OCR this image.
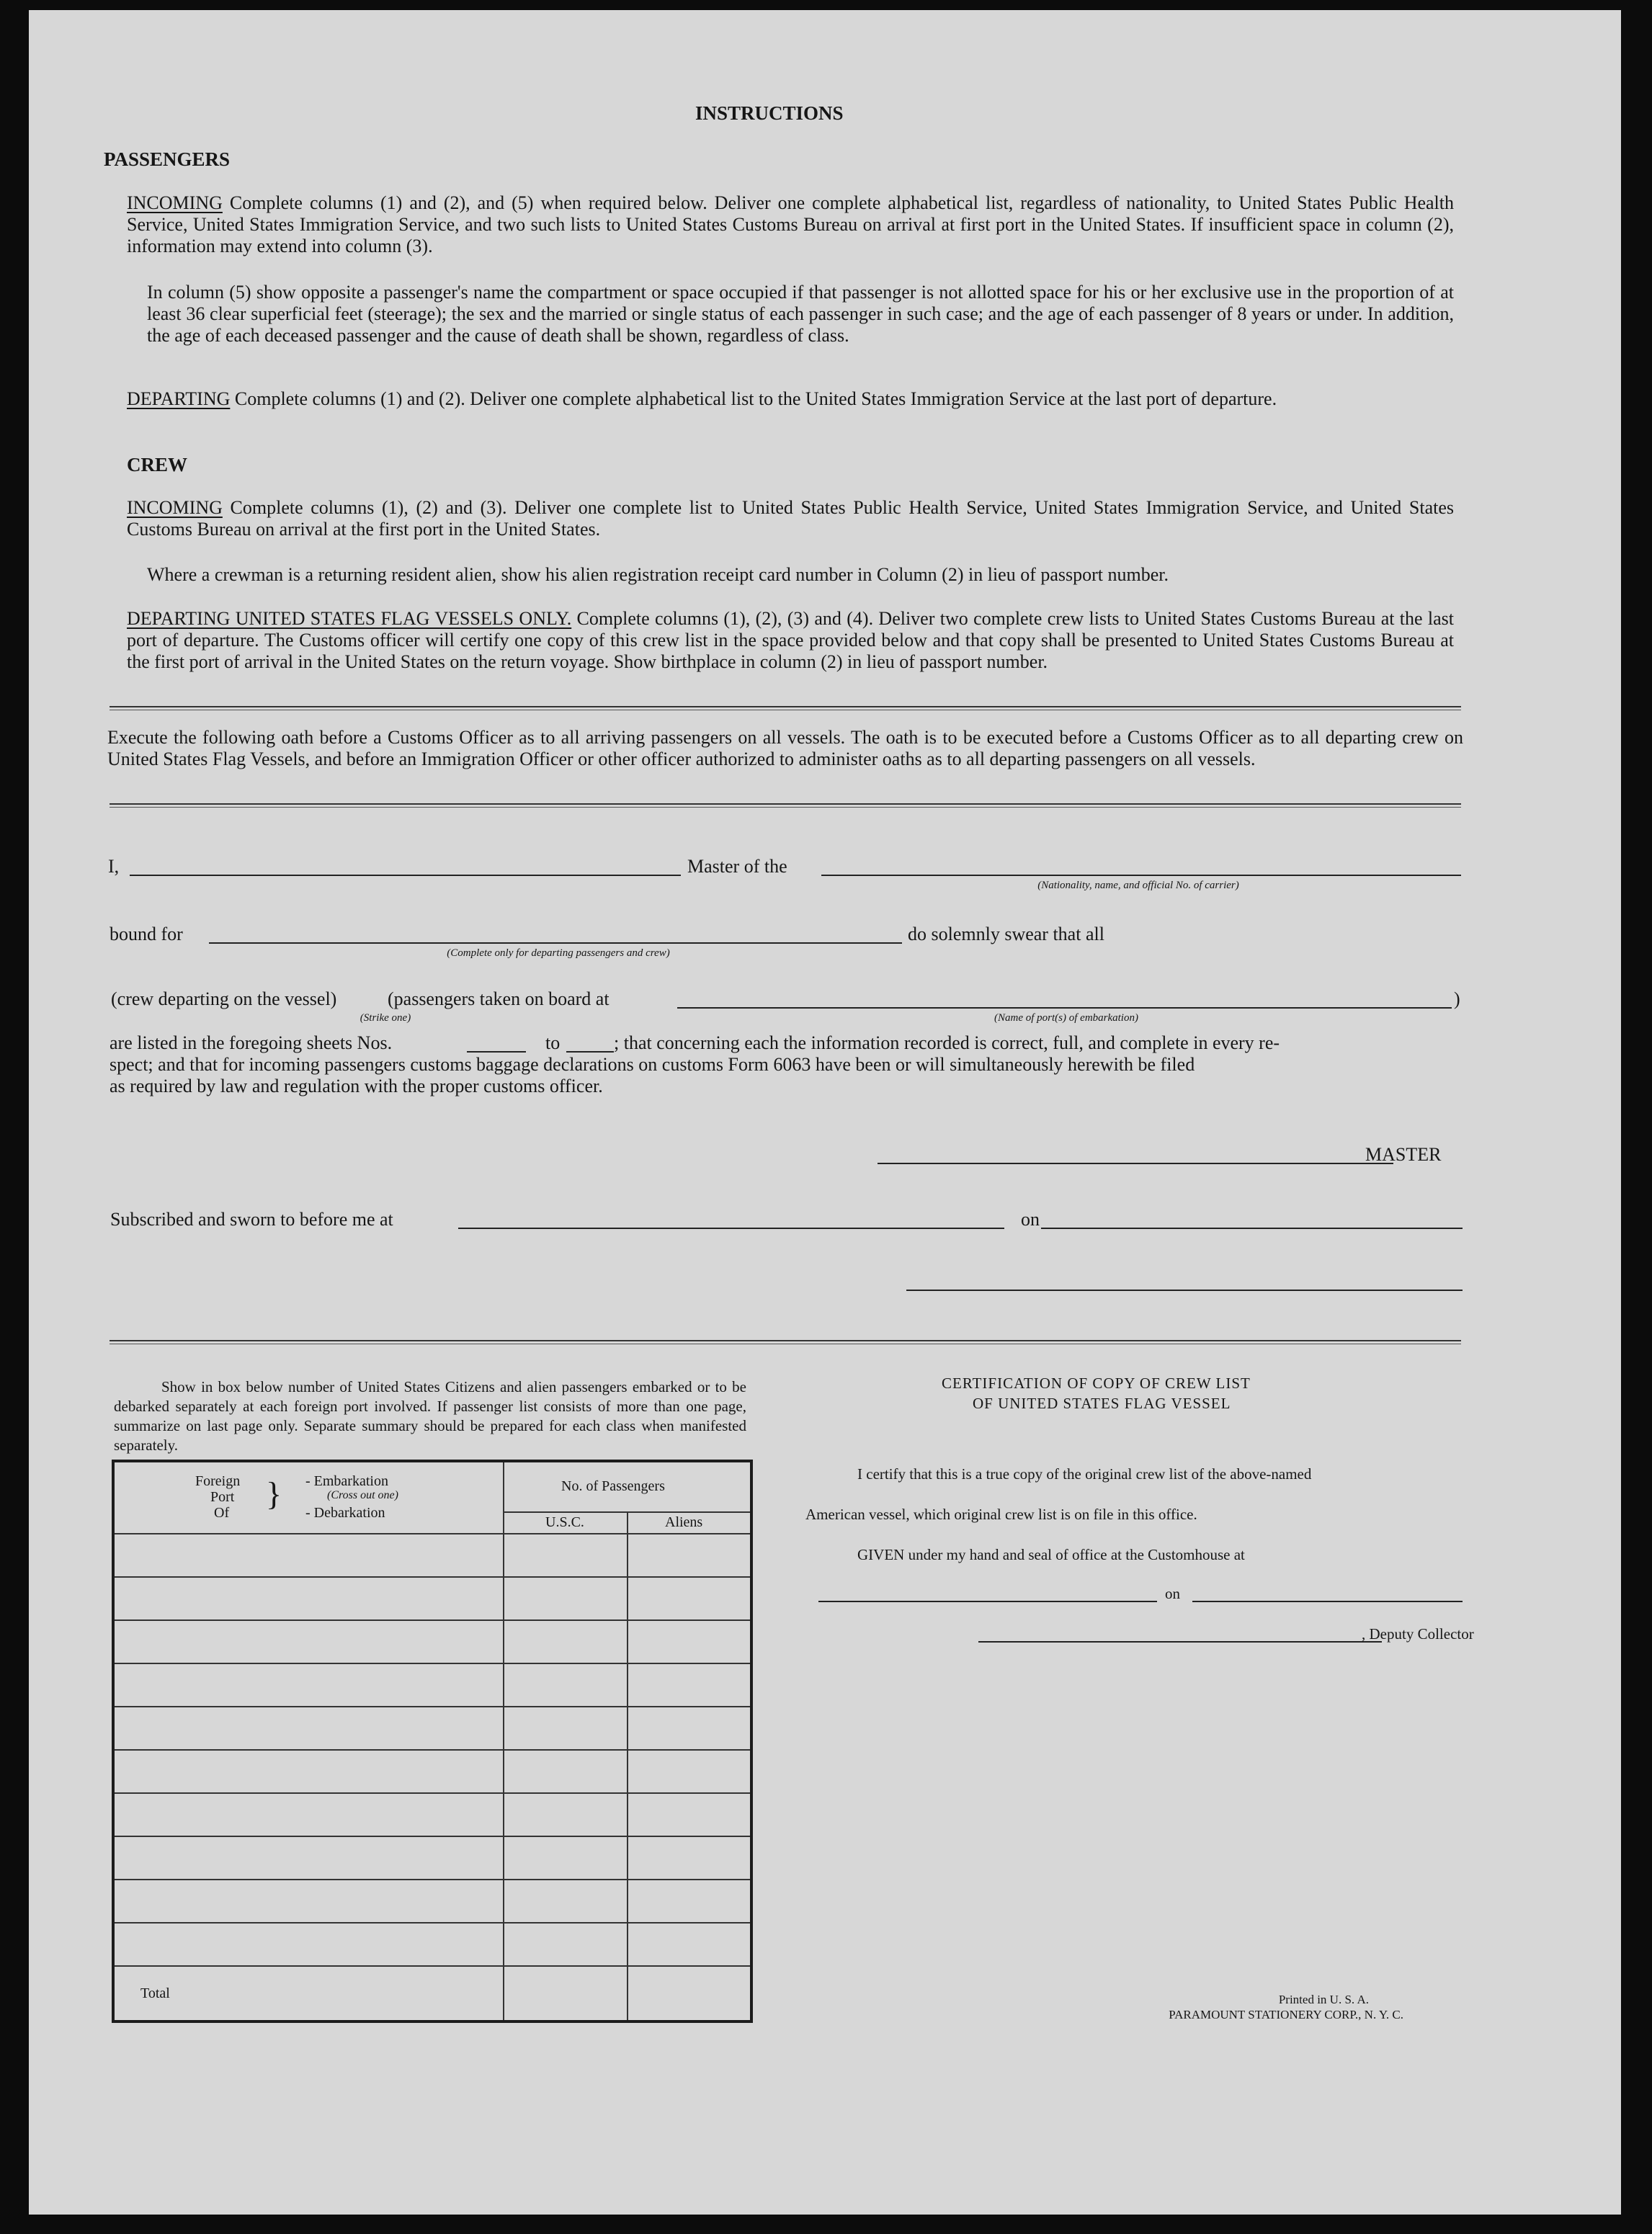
INSTRUCTIONS
PASSENGERS
INCOMING Complete columns (1) and (2), and (5) when required below. Deliver one complete alphabetical list, regardless of nationality, to United States Public Health Service, United States Immigration Service, and two such lists to United States Customs Bureau on arrival at first port in the United States. If insufficient space in column (2), information may extend into column (3).
In column (5) show opposite a passenger's name the compartment or space occupied if that passenger is not allotted space for his or her exclusive use in the proportion of at least 36 clear superficial feet (steerage); the sex and the married or single status of each passenger in such case; and the age of each passenger of 8 years or under. In addition, the age of each deceased passenger and the cause of death shall be shown, regardless of class.
DEPARTING Complete columns (1) and (2). Deliver one complete alphabetical list to the United States Immigration Service at the last port of departure.
CREW
INCOMING Complete columns (1), (2) and (3). Deliver one complete list to United States Public Health Service, United States Immigration Service, and United States Customs Bureau on arrival at the first port in the United States.
Where a crewman is a returning resident alien, show his alien registration receipt card number in Column (2) in lieu of passport number.
DEPARTING UNITED STATES FLAG VESSELS ONLY. Complete columns (1), (2), (3) and (4). Deliver two complete crew lists to United States Customs Bureau at the last port of departure. The Customs officer will certify one copy of this crew list in the space provided below and that copy shall be presented to United States Customs Bureau at the first port of arrival in the United States on the return voyage. Show birthplace in column (2) in lieu of passport number.
Execute the following oath before a Customs Officer as to all arriving passengers on all vessels. The oath is to be executed before a Customs Officer as to all departing crew on United States Flag Vessels, and before an Immigration Officer or other officer authorized to administer oaths as to all departing passengers on all vessels.
I,	Master of the
(Nationality, name, and official No. of carrier)
bound for
(Complete only for departing passengers and crew)
do solemnly swear that all
(crew departing on the vessel)	(passengers taken on board at	)
(Strike one)	(Name of port(s) of embarkation)
are listed in the foregoing sheets Nos.	to	; that concerning each the information recorded is correct, full, and complete in every re-
spect; and that for incoming passengers customs baggage declarations on customs Form 6063 have been or will simultaneously herewith be filed
as required by law and regulation with the proper customs officer.
MASTER
Subscribed and sworn to before me at	on
Show in box below number of United States Citizens and alien passengers embarked or to be debarked separately at each foreign port involved. If passenger list consists of more than one page, summarize on last page only. Separate summary should be prepared for each class when manifested separately.
Foreign
Port
Of
} - Embarkation
(Cross out one)
- Debarkation
No. of Passengers
U.S.C.	Aliens
Total
CERTIFICATION OF COPY OF CREW LIST
OF UNITED STATES FLAG VESSEL
I certify that this is a true copy of the original crew list of the above-named
American vessel, which original crew list is on file in this office.
GIVEN under my hand and seal of office at the Customhouse at
on
, Deputy Collector
Printed in U. S. A.
PARAMOUNT STATIONERY CORP., N. Y. C.
